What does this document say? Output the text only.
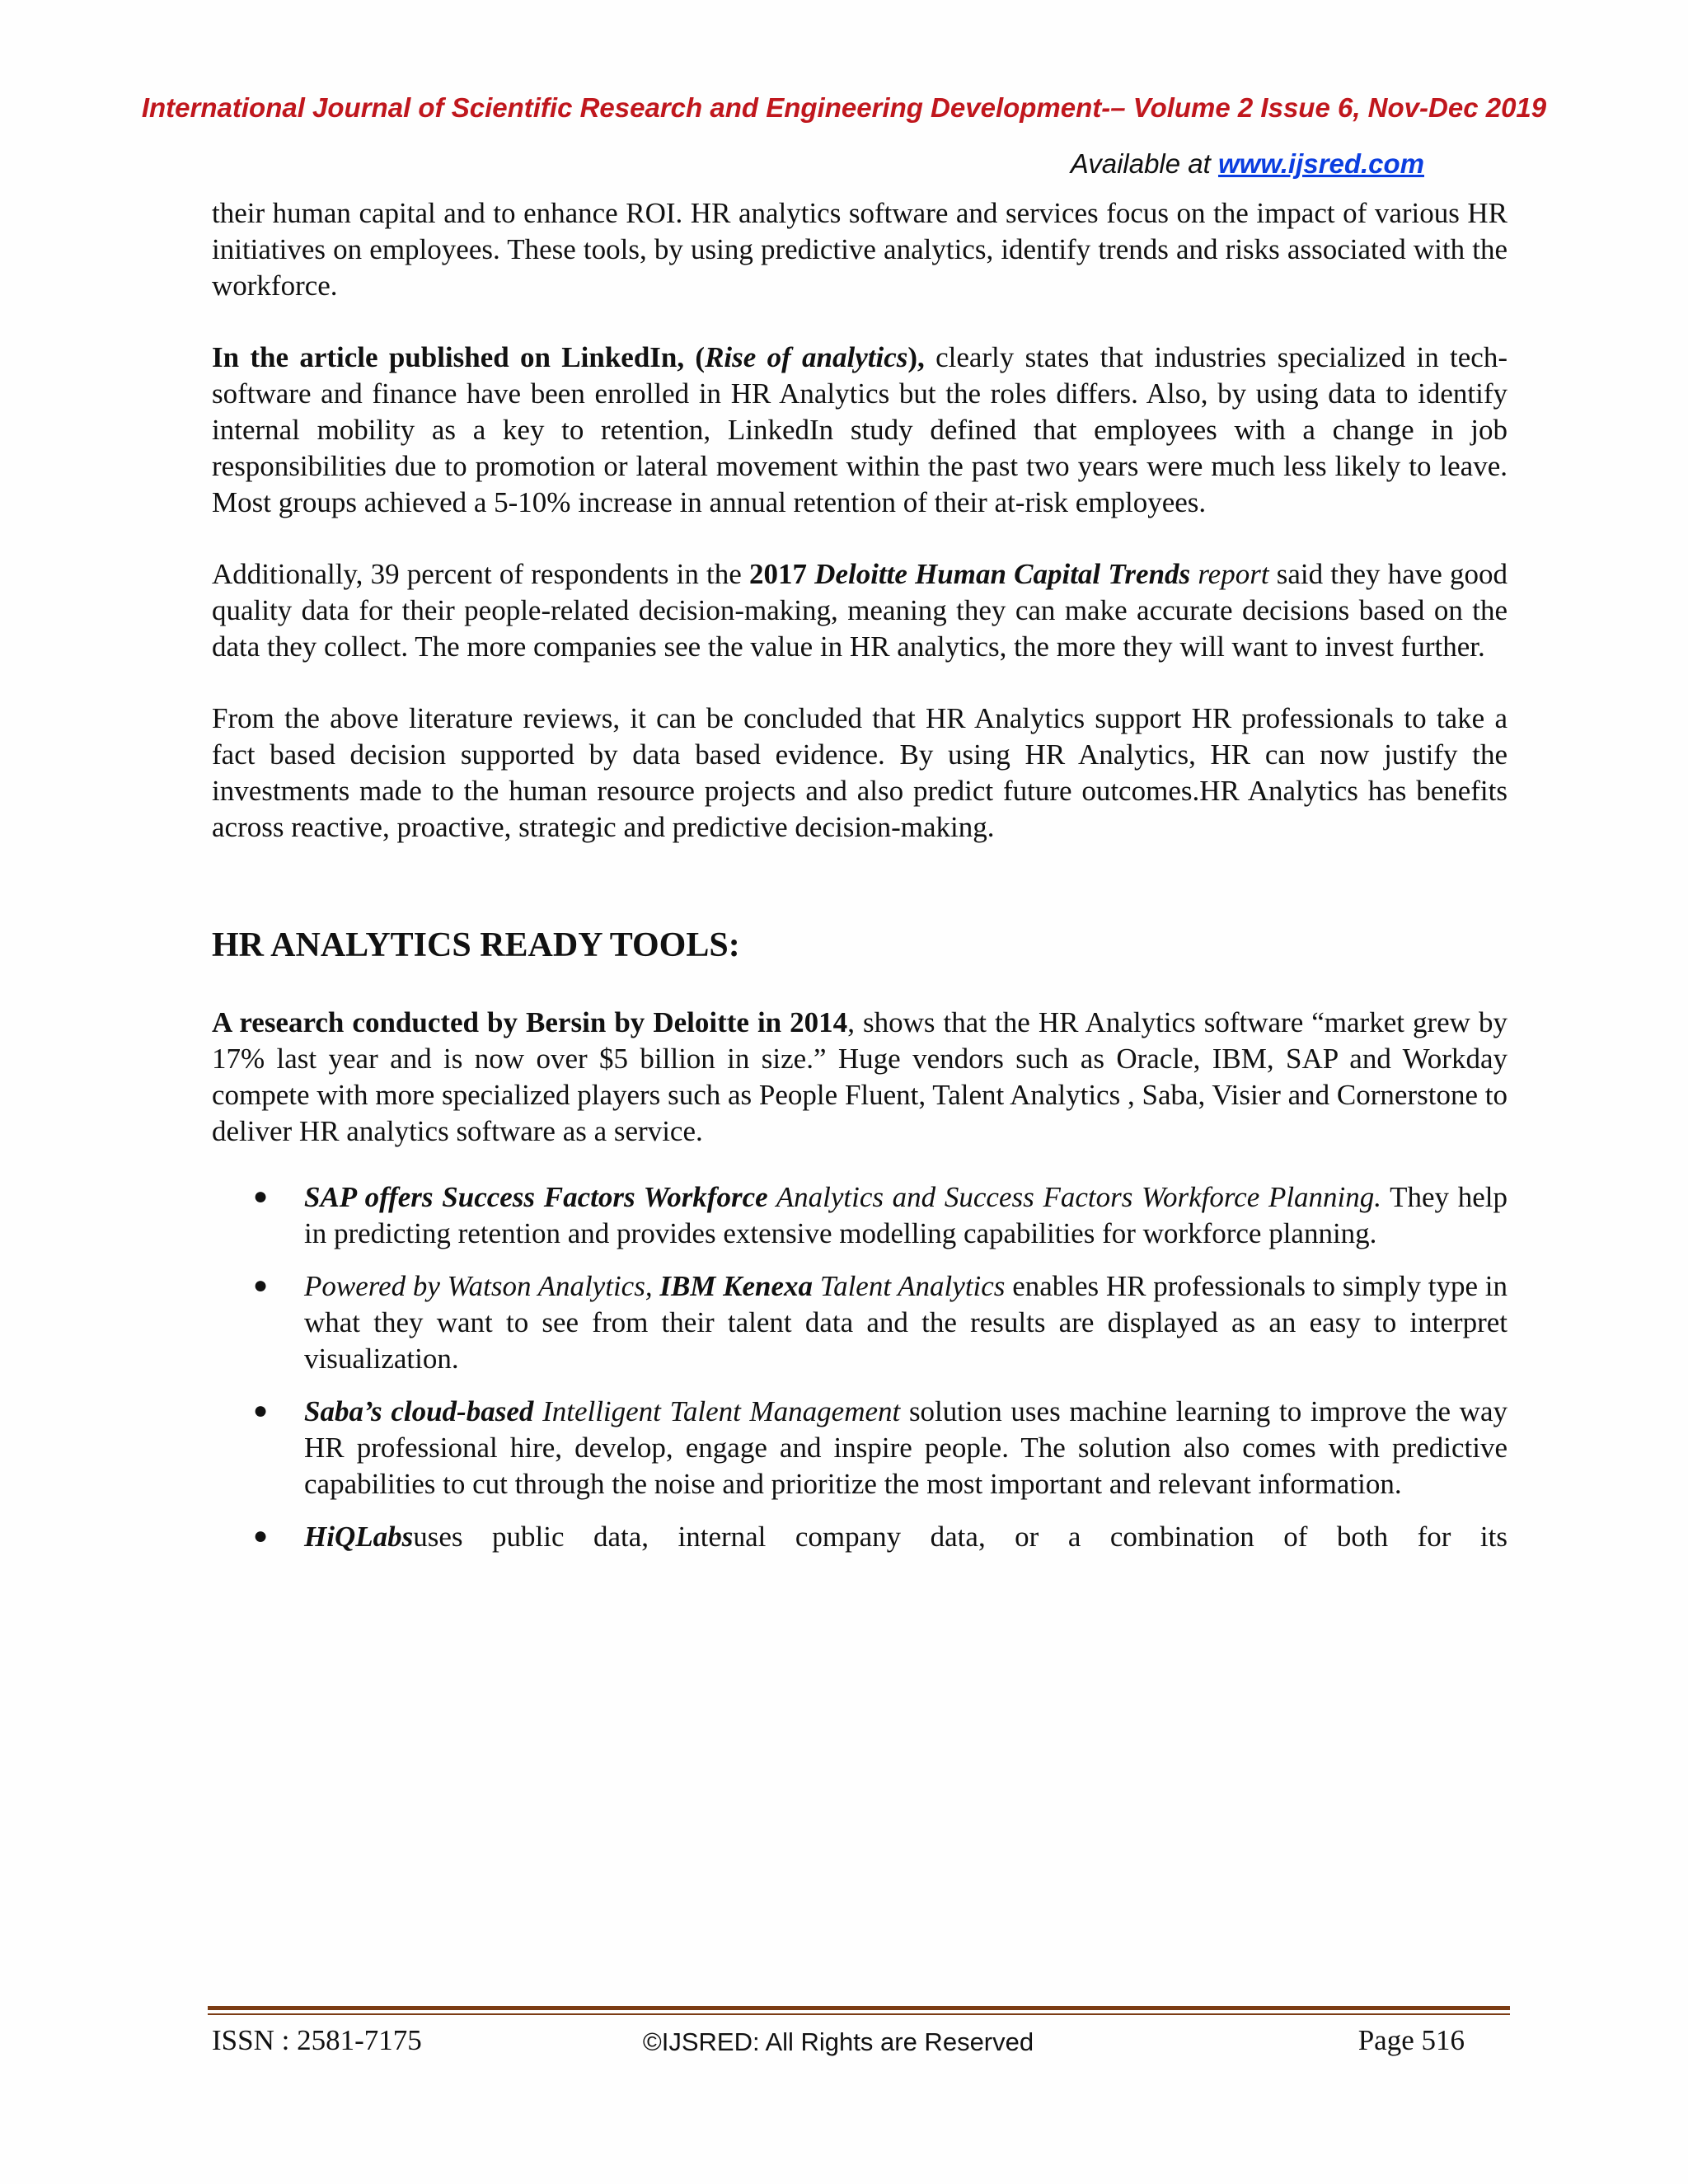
International Journal of Scientific Research and Engineering Development-– Volume 2 Issue 6, Nov-Dec 2019
Available at www.ijsred.com

their human capital and to enhance ROI. HR analytics software and services focus on the impact of various HR initiatives on employees. These tools, by using predictive analytics, identify trends and risks associated with the workforce.

In the article published on LinkedIn, (Rise of analytics), clearly states that industries specialized in tech-software and finance have been enrolled in HR Analytics but the roles differs. Also, by using data to identify internal mobility as a key to retention, LinkedIn study defined that employees with a change in job responsibilities due to promotion or lateral movement within the past two years were much less likely to leave. Most groups achieved a 5-10% increase in annual retention of their at-risk employees.

Additionally, 39 percent of respondents in the 2017 Deloitte Human Capital Trends report said they have good quality data for their people-related decision-making, meaning they can make accurate decisions based on the data they collect. The more companies see the value in HR analytics, the more they will want to invest further.

From the above literature reviews, it can be concluded that HR Analytics support HR professionals to take a fact based decision supported by data based evidence. By using HR Analytics, HR can now justify the investments made to the human resource projects and also predict future outcomes.HR Analytics has benefits across reactive, proactive, strategic and predictive decision-making.

HR ANALYTICS READY TOOLS:

A research conducted by Bersin by Deloitte in 2014, shows that the HR Analytics software “market grew by 17% last year and is now over $5 billion in size.” Huge vendors such as Oracle, IBM, SAP and Workday compete with more specialized players such as People Fluent, Talent Analytics , Saba, Visier and Cornerstone to deliver HR analytics software as a service.

● SAP offers Success Factors Workforce Analytics and Success Factors Workforce Planning. They help in predicting retention and provides extensive modelling capabilities for workforce planning.
● Powered by Watson Analytics, IBM Kenexa Talent Analytics enables HR professionals to simply type in what they want to see from their talent data and the results are displayed as an easy to interpret visualization.
● Saba’s cloud-based Intelligent Talent Management solution uses machine learning to improve the way HR professional hire, develop, engage and inspire people. The solution also comes with predictive capabilities to cut through the noise and prioritize the most important and relevant information.
● HiQLabsuses public data, internal company data, or a combination of both for its
ISSN : 2581-7175	©IJSRED: All Rights are Reserved	Page 516
